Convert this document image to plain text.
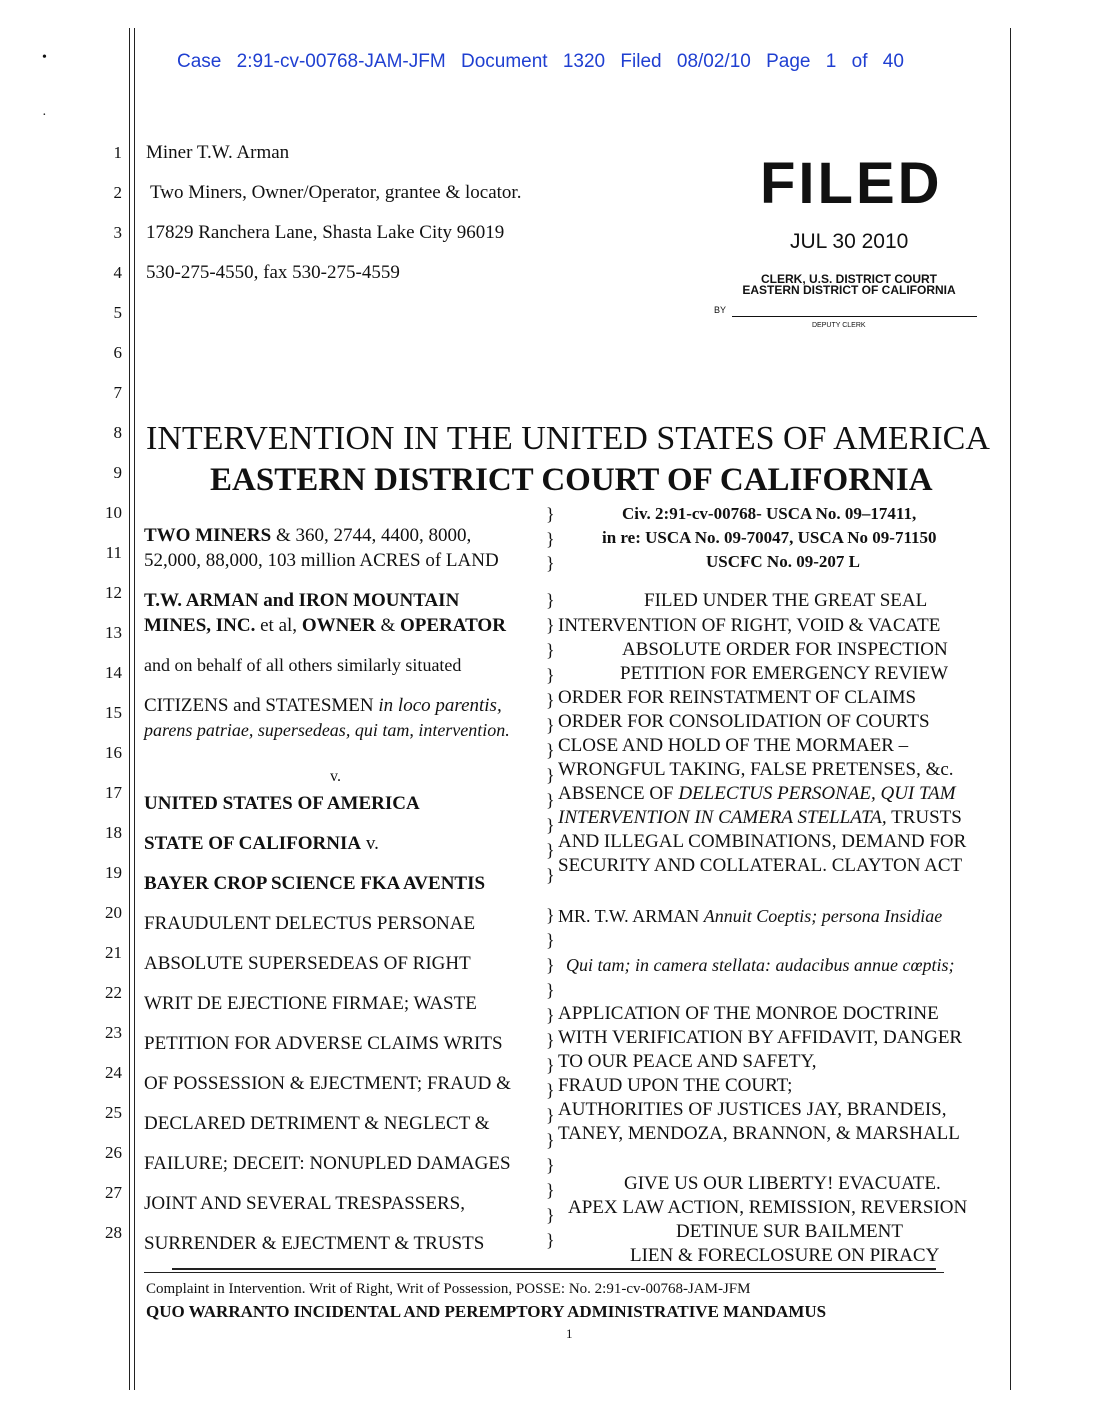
•
·
Case 2:91-cv-00768-JAM-JFM Document 1320 Filed 08/02/10 Page 1 of 40
1
2
3
4
5
6
7
8
9
10
11
12
13
14
15
16
17
18
19
20
21
22
23
24
25
26
27
28
Miner T.W. Arman
Two Miners, Owner/Operator, grantee & locator.
17829 Ranchera Lane, Shasta Lake City 96019
530-275-4550, fax 530-275-4559
FILED
JUL 30 2010
CLERK, U.S. DISTRICT COURT
EASTERN DISTRICT OF CALIFORNIA
BY
DEPUTY CLERK
INTERVENTION IN THE UNITED STATES OF AMERICA
EASTERN DISTRICT COURT OF CALIFORNIA
TWO MINERS & 360, 2744, 4400, 8000,
52,000, 88,000, 103 million ACRES of LAND
T.W. ARMAN and IRON MOUNTAIN
MINES, INC. et al, OWNER & OPERATOR
and on behalf of all others similarly situated
CITIZENS and STATESMEN in loco parentis,
parens patriae, supersedeas, qui tam, intervention.
v.
UNITED STATES OF AMERICA
STATE OF CALIFORNIA v.
BAYER CROP SCIENCE FKA AVENTIS
FRAUDULENT DELECTUS PERSONAE
ABSOLUTE SUPERSEDEAS OF RIGHT
WRIT DE EJECTIONE FIRMAE; WASTE
PETITION FOR ADVERSE CLAIMS WRITS
OF POSSESSION & EJECTMENT; FRAUD &
DECLARED DETRIMENT & NEGLECT &
FAILURE; DECEIT: NONUPLED DAMAGES
JOINT AND SEVERAL TRESPASSERS,
SURRENDER & EJECTMENT & TRUSTS
}
}
}
}
}
}
}
}
}
}
}
}
}
}
}
}
}
}
}
}
}
}
}
}
}
}
}
}
}
Civ. 2:91-cv-00768- USCA No. 09–17411,
in re: USCA No. 09-70047, USCA No 09-71150
USCFC No. 09-207 L
FILED UNDER THE GREAT SEAL
INTERVENTION OF RIGHT, VOID & VACATE
ABSOLUTE ORDER FOR INSPECTION
PETITION FOR EMERGENCY REVIEW
ORDER FOR REINSTATMENT OF CLAIMS
ORDER FOR CONSOLIDATION OF COURTS
CLOSE AND HOLD OF THE MORMAER –
WRONGFUL TAKING, FALSE PRETENSES, &c.
ABSENCE OF DELECTUS PERSONAE, QUI TAM
INTERVENTION IN CAMERA STELLATA, TRUSTS
AND ILLEGAL COMBINATIONS, DEMAND FOR
SECURITY AND COLLATERAL. CLAYTON ACT
MR. T.W. ARMAN Annuit Coeptis; persona Insidiae
Qui tam; in camera stellata: audacibus annue cœptis;
APPLICATION OF THE MONROE DOCTRINE
WITH VERIFICATION BY AFFIDAVIT, DANGER
TO OUR PEACE AND SAFETY,
FRAUD UPON THE COURT;
AUTHORITIES OF JUSTICES JAY, BRANDEIS,
TANEY, MENDOZA, BRANNON, & MARSHALL
GIVE US OUR LIBERTY! EVACUATE.
APEX LAW ACTION, REMISSION, REVERSION
DETINUE SUR BAILMENT
LIEN & FORECLOSURE ON PIRACY
Complaint in Intervention. Writ of Right, Writ of Possession, POSSE: No. 2:91-cv-00768-JAM-JFM
QUO WARRANTO INCIDENTAL AND PEREMPTORY ADMINISTRATIVE MANDAMUS
1
